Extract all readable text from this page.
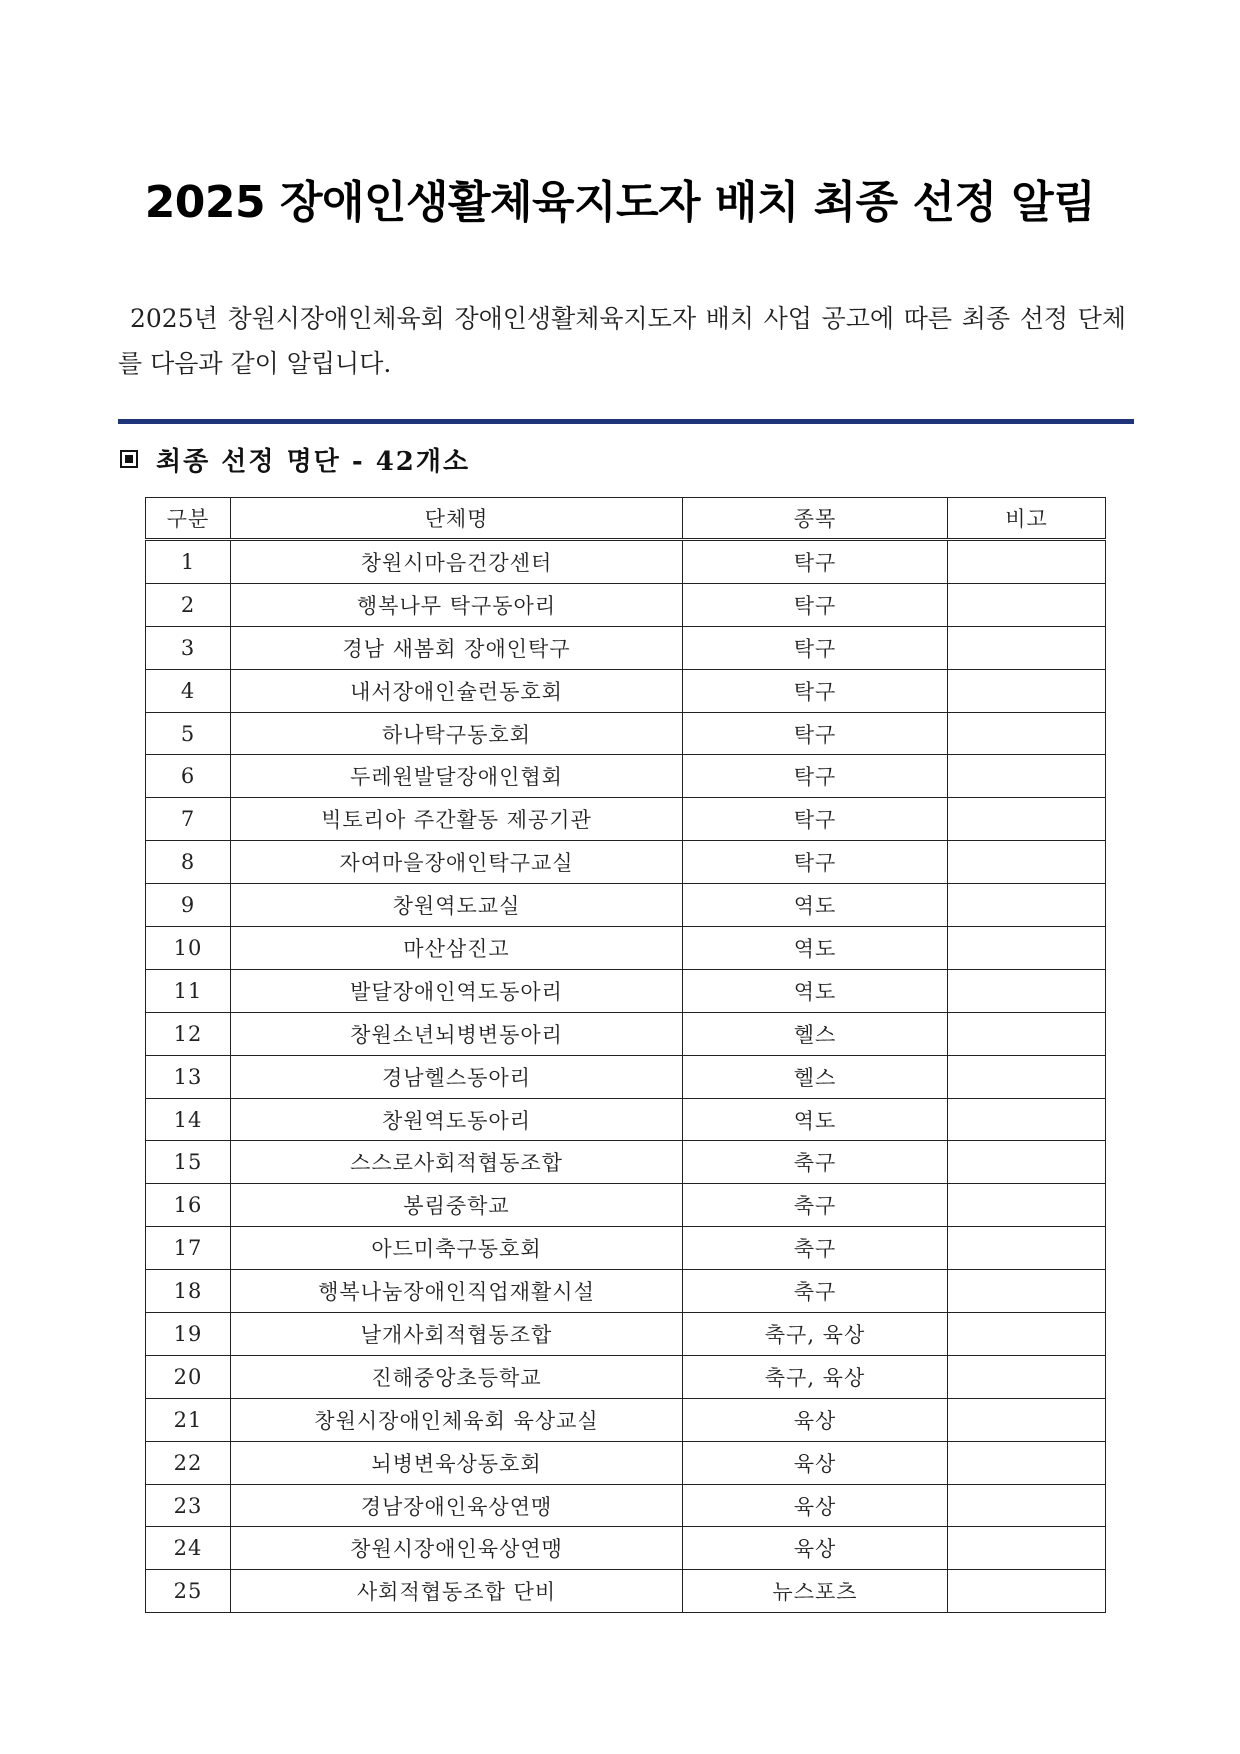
2025 장애인생활체육지도자 배치 최종 선정 알림

2025년 창원시장애인체육회 장애인생활체육지도자 배치 사업 공고에 따른 최종 선정 단체를 다음과 같이 알립니다.

최종 선정 명단 - 42개소
구분	단체명	종목	비고
1	창원시마음건강센터	탁구	
2	행복나무 탁구동아리	탁구	
3	경남 새봄회 장애인탁구	탁구	
4	내서장애인슐런동호회	탁구	
5	하나탁구동호회	탁구	
6	두레원발달장애인협회	탁구	
7	빅토리아 주간활동 제공기관	탁구	
8	자여마을장애인탁구교실	탁구	
9	창원역도교실	역도	
10	마산삼진고	역도	
11	발달장애인역도동아리	역도	
12	창원소년뇌병변동아리	헬스	
13	경남헬스동아리	헬스	
14	창원역도동아리	역도	
15	스스로사회적협동조합	축구	
16	봉림중학교	축구	
17	아드미축구동호회	축구	
18	행복나눔장애인직업재활시설	축구	
19	날개사회적협동조합	축구, 육상	
20	진해중앙초등학교	축구, 육상	
21	창원시장애인체육회 육상교실	육상	
22	뇌병변육상동호회	육상	
23	경남장애인육상연맹	육상	
24	창원시장애인육상연맹	육상	
25	사회적협동조합 단비	뉴스포츠	
